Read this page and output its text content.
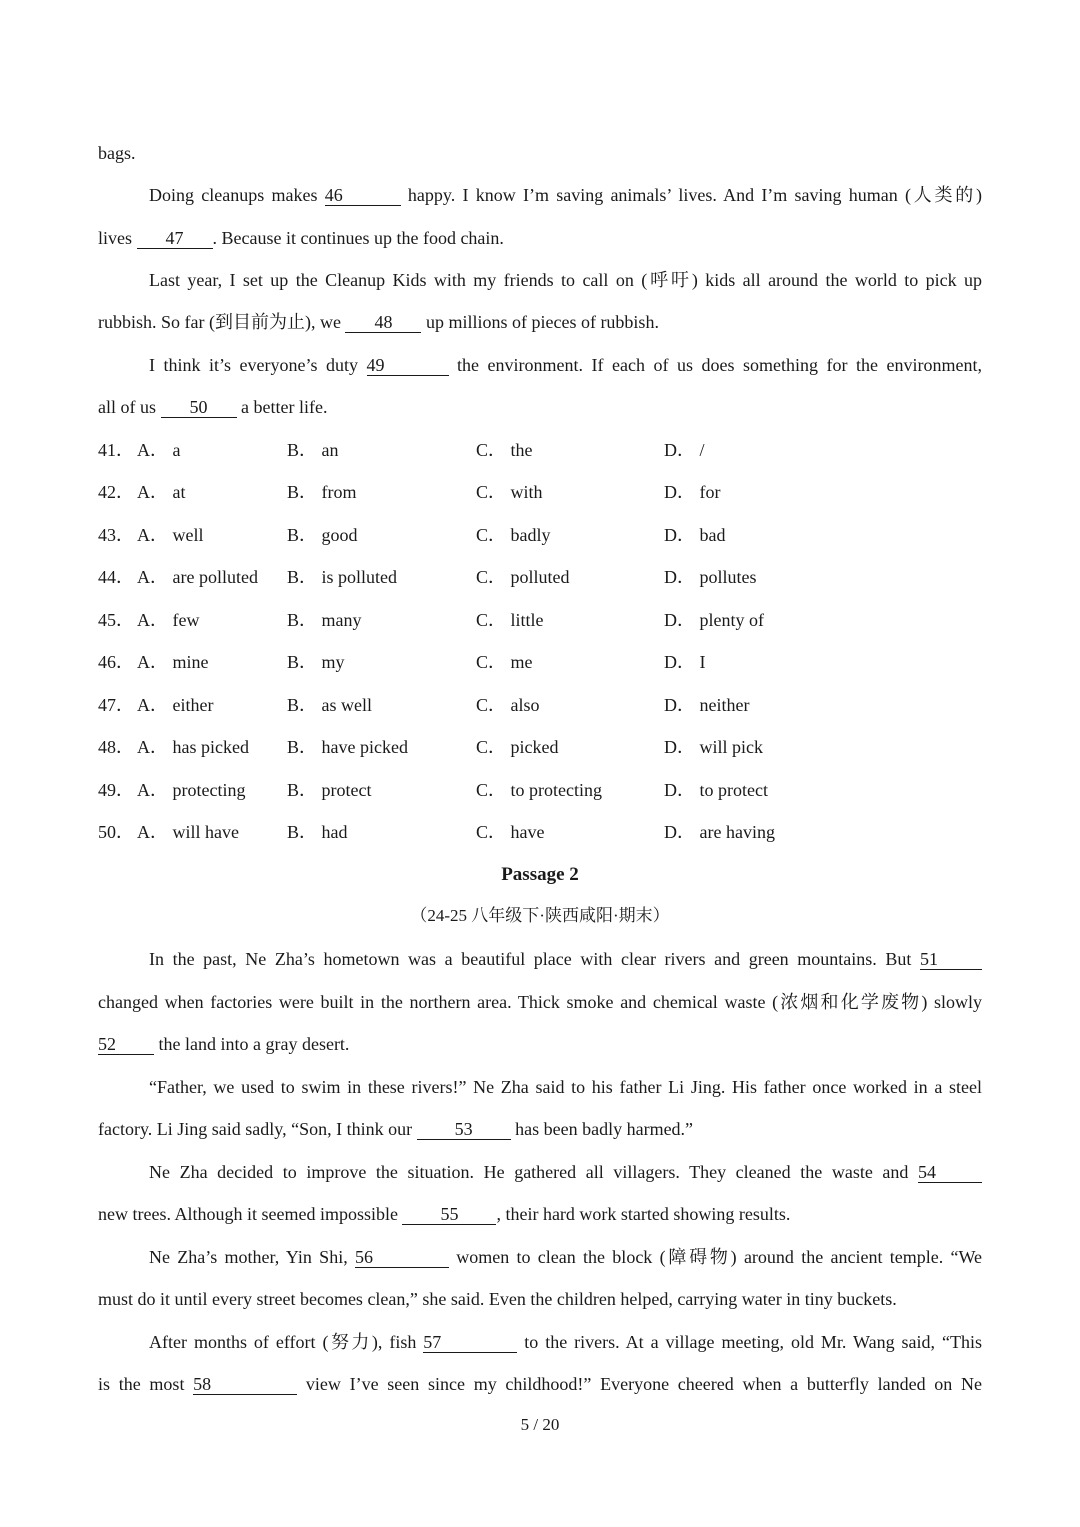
bags.
Doing cleanups makes 46	happy. I know I’m saving animals’ lives. And I’m saving human (人类的)
lives 47 . Because it continues up the food chain.
Last year, I set up the Cleanup Kids with my friends to call on (呼吁) kids all around the world to pick up
rubbish. So far (到目前为止), we 48 up millions of pieces of rubbish.
I think it’s everyone’s duty 49	the environment. If each of us does something for the environment,
all of us 50 a better life.
41． A． a	B． an	C． the	D． /
42． A． at	B． from	C． with	D． for
43． A． well	B． good	C． badly	D． bad
44． A． are polluted B． is polluted	C． polluted	D． pollutes
45． A． few	B． many	C． little	D． plenty of
46． A． mine	B． my	C． me	D． I
47． A． either	B． as well	C． also	D． neither
48． A． has picked B． have picked	C． picked	D． will pick
49． A． protecting B． protect	C． to protecting	D． to protect
50． A． will have	B． had	C． have	D． are having
Passage 2
（24-25 八年级下·陕西咸阳·期末）
In the past, Ne Zha’s hometown was a beautiful place with clear rivers and green mountains. But 51
changed when factories were built in the northern area. Thick smoke and chemical waste (浓烟和化学废物) slowly
52 the land into a gray desert.
“Father, we used to swim in these rivers!” Ne Zha said to his father Li Jing. His father once worked in a steel
factory. Li Jing said sadly, “Son, I think our 53 has been badly harmed.”
Ne Zha decided to improve the situation. He gathered all villagers. They cleaned the waste and 54
new trees. Although it seemed impossible 55 , their hard work started showing results.
Ne Zha’s mother, Yin Shi, 56	women to clean the block (障碍物) around the ancient temple. “We
must do it until every street becomes clean,” she said. Even the children helped, carrying water in tiny buckets.
After months of effort (努力), fish 57	to the rivers. At a village meeting, old Mr. Wang said, “This
is the most 58	view I’ve seen since my childhood!” Everyone cheered when a butterfly landed on Ne
5 / 20
